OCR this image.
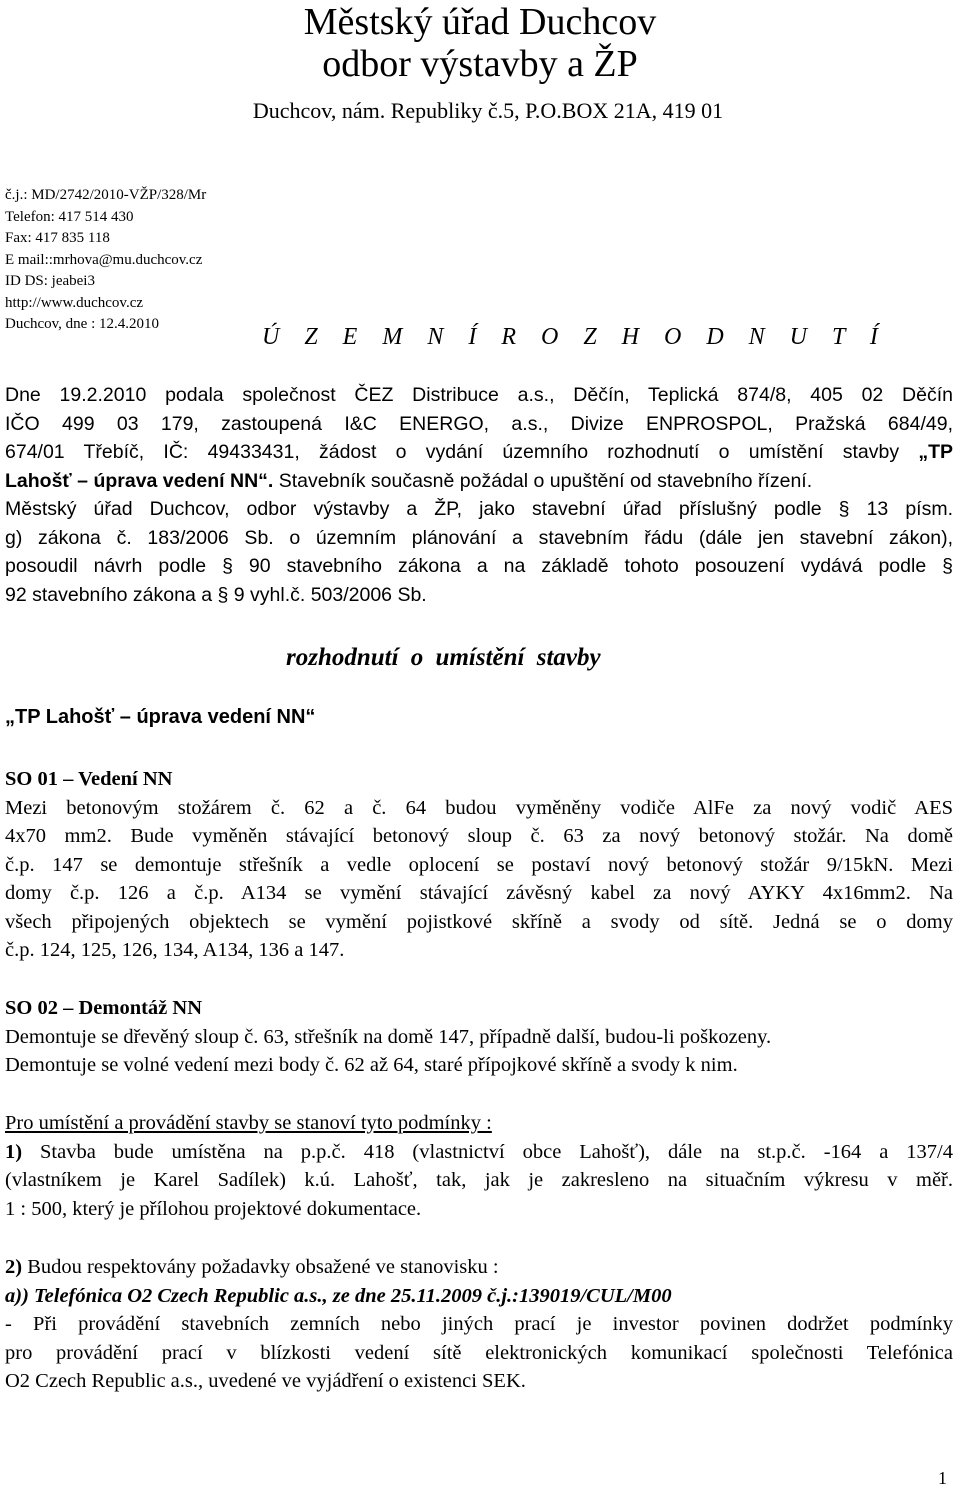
Městský úřad Duchcov
odbor výstavby a ŽP
Duchcov, nám. Republiky č.5, P.O.BOX 21A, 419 01
č.j.: MD/2742/2010-VŽP/328/Mr
Telefon: 417 514 430
Fax: 417 835 118
E mail::mrhova@mu.duchcov.cz
ID DS: jeabei3
http://www.duchcov.cz
Duchcov, dne : 12.4.2010	Ú Z E M N Í R O Z H O D N U T Í
Dne 19.2.2010 podala společnost ČEZ Distribuce a.s., Děčín, Teplická 874/8, 405 02 Děčín
IČO 499 03 179, zastoupená I&C ENERGO, a.s., Divize ENPROSPOL, Pražská 684/49,
674/01 Třebíč, IČ: 49433431, žádost o vydání územního rozhodnutí o umístění stavby „TP
Lahošť – úprava vedení NN“. Stavebník současně požádal o upuštění od stavebního řízení.
Městský úřad Duchcov, odbor výstavby a ŽP, jako stavební úřad příslušný podle § 13 písm.
g) zákona č. 183/2006 Sb. o územním plánování a stavebním řádu (dále jen stavební zákon),
posoudil návrh podle § 90 stavebního zákona a na základě tohoto posouzení vydává podle §
92 stavebního zákona a § 9 vyhl.č. 503/2006 Sb.
rozhodnutí o umístění stavby
„TP Lahošť – úprava vedení NN“
SO 01 – Vedení NN
Mezi betonovým stožárem č. 62 a č. 64 budou vyměněny vodiče AlFe za nový vodič AES
4x70 mm2. Bude vyměněn stávající betonový sloup č. 63 za nový betonový stožár. Na domě
č.p. 147 se demontuje střešník a vedle oplocení se postaví nový betonový stožár 9/15kN. Mezi
domy č.p. 126 a č.p. A134 se vymění stávající závěsný kabel za nový AYKY 4x16mm2. Na
všech připojených objektech se vymění pojistkové skříně a svody od sítě. Jedná se o domy
č.p. 124, 125, 126, 134, A134, 136 a 147.
SO 02 – Demontáž NN
Demontuje se dřevěný sloup č. 63, střešník na domě 147, případně další, budou-li poškozeny.
Demontuje se volné vedení mezi body č. 62 až 64, staré přípojkové skříně a svody k nim.
Pro umístění a provádění stavby se stanoví tyto podmínky :
1) Stavba bude umístěna na p.p.č. 418 (vlastnictví obce Lahošť), dále na st.p.č. -164 a 137/4
(vlastníkem je Karel Sadílek) k.ú. Lahošť, tak, jak je zakresleno na situačním výkresu v měř.
1 : 500, který je přílohou projektové dokumentace.
2) Budou respektovány požadavky obsažené ve stanovisku :
a)) Telefónica O2 Czech Republic a.s., ze dne 25.11.2009 č.j.:139019/CUL/M00
- Při provádění stavebních zemních nebo jiných prací je investor povinen dodržet podmínky
pro provádění prací v blízkosti vedení sítě elektronických komunikací společnosti Telefónica
O2 Czech Republic a.s., uvedené ve vyjádření o existenci SEK.
1
